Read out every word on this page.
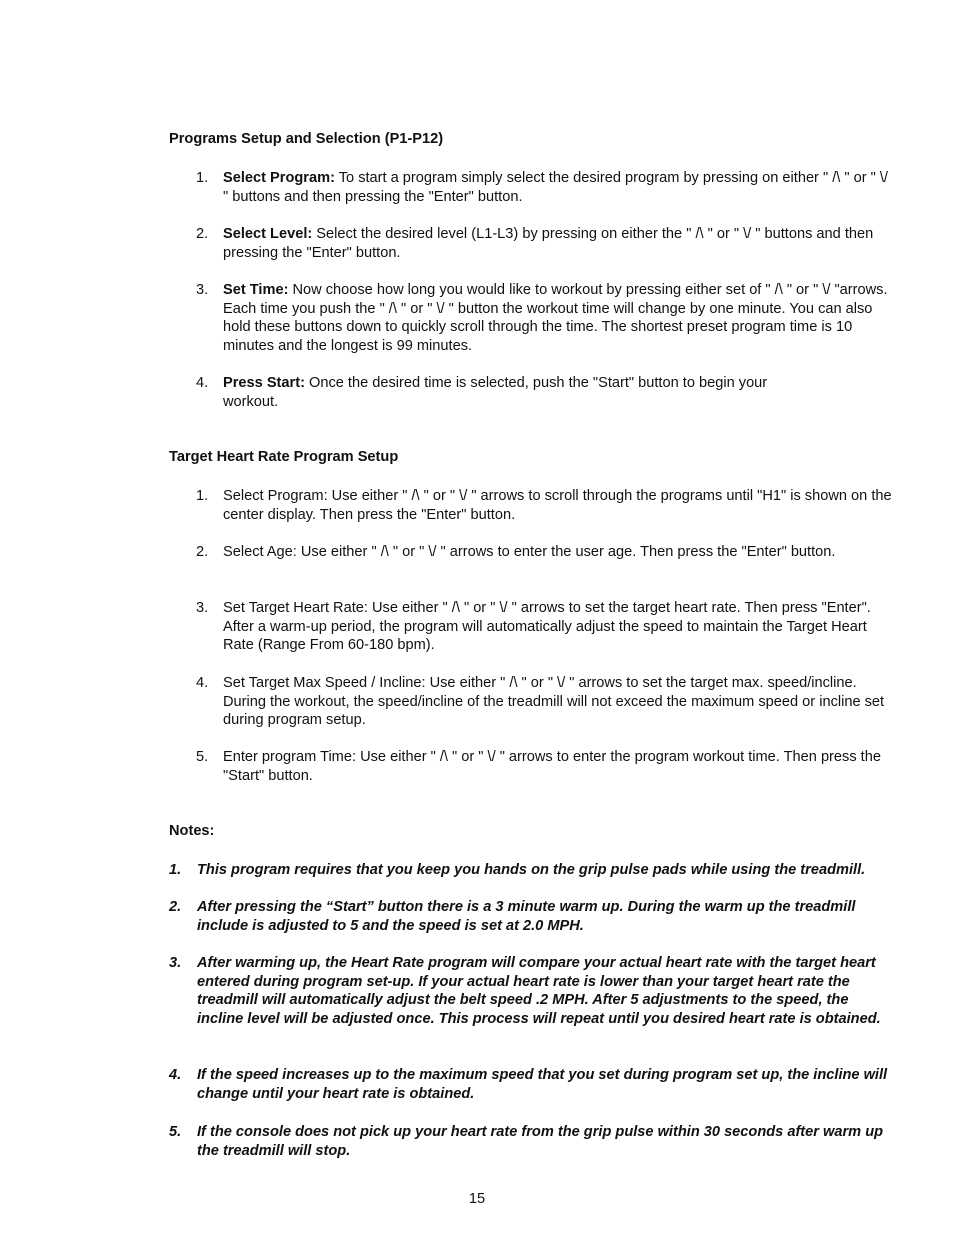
Programs Setup and Selection (P1-P12)
1. Select Program: To start a program simply select the desired program by pressing on either " /\ " or " \/ " buttons and then pressing the "Enter" button.
2. Select Level: Select the desired level (L1-L3) by pressing on either the " /\ " or " \/ " buttons and then pressing the "Enter" button.
3. Set Time: Now choose how long you would like to workout by pressing either set of " /\ " or " \/ "arrows. Each time you push the " /\ " or " \/ " button the workout time will change by one minute. You can also hold these buttons down to quickly scroll through the time. The shortest preset program time is 10 minutes and the longest is 99 minutes.
4. Press Start: Once the desired time is selected, push the "Start" button to begin your workout.
Target Heart Rate Program Setup
1. Select Program: Use either " /\ " or " \/ " arrows to scroll through the programs until "H1" is shown on the center display. Then press the "Enter" button.
2. Select Age: Use either " /\ " or " \/ " arrows to enter the user age. Then press the "Enter" button.
3. Set Target Heart Rate: Use either " /\ " or " \/ " arrows to set the target heart rate. Then press "Enter". After a warm-up period, the program will automatically adjust the speed to maintain the Target Heart Rate (Range From 60-180 bpm).
4. Set Target Max Speed / Incline: Use either " /\ " or " \/ " arrows to set the target max. speed/incline. During the workout, the speed/incline of the treadmill will not exceed the maximum speed or incline set during program setup.
5. Enter program Time: Use either " /\ " or " \/ " arrows to enter the program workout time. Then press the "Start" button.
Notes:
1. This program requires that you keep you hands on the grip pulse pads while using the treadmill.
2. After pressing the “Start” button there is a 3 minute warm up. During the warm up the treadmill include is adjusted to 5 and the speed is set at 2.0 MPH.
3. After warming up, the Heart Rate program will compare your actual heart rate with the target heart entered during program set-up. If your actual heart rate is lower than your target heart rate the treadmill will automatically adjust the belt speed .2 MPH. After 5 adjustments to the speed, the incline level will be adjusted once. This process will repeat until you desired heart rate is obtained.
4. If the speed increases up to the maximum speed that you set during program set up, the incline will change until your heart rate is obtained.
5. If the console does not pick up your heart rate from the grip pulse within 30 seconds after warm up the treadmill will stop.
15
